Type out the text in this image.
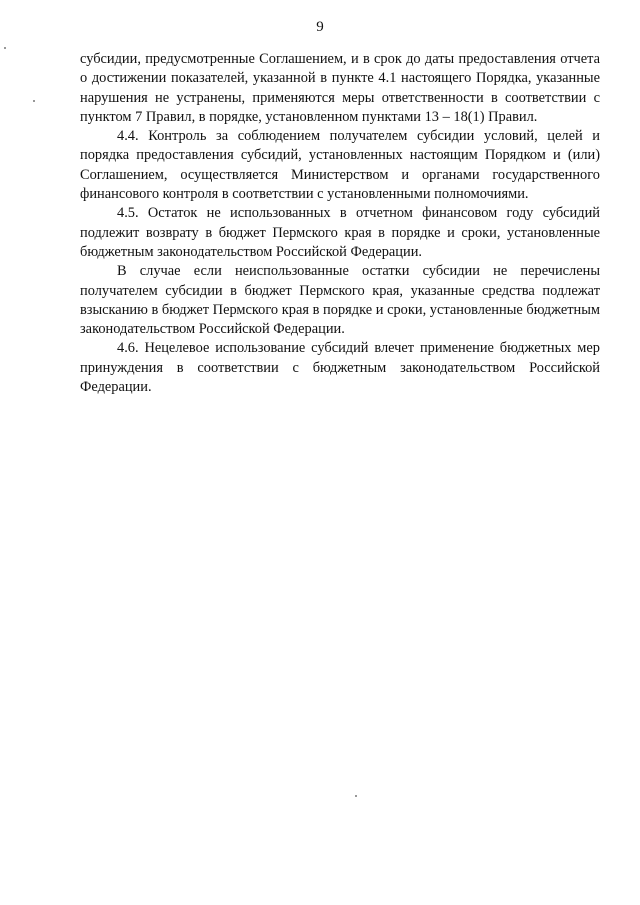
9

субсидии, предусмотренные Соглашением, и в срок до даты предоставления отчета о достижении показателей, указанной в пункте 4.1 настоящего Порядка, указанные нарушения не устранены, применяются меры ответственности в соответствии с пунктом 7 Правил, в порядке, установленном пунктами 13 – 18(1) Правил.

4.4. Контроль за соблюдением получателем субсидии условий, целей и порядка предоставления субсидий, установленных настоящим Порядком и (или) Соглашением, осуществляется Министерством и органами государственного финансового контроля в соответствии с установленными полномочиями.

4.5. Остаток не использованных в отчетном финансовом году субсидий подлежит возврату в бюджет Пермского края в порядке и сроки, установленные бюджетным законодательством Российской Федерации.

В случае если неиспользованные остатки субсидии не перечислены получателем субсидии в бюджет Пермского края, указанные средства подлежат взысканию в бюджет Пермского края в порядке и сроки, установленные бюджетным законодательством Российской Федерации.

4.6. Нецелевое использование субсидий влечет применение бюджетных мер принуждения в соответствии с бюджетным законодательством Российской Федерации.
